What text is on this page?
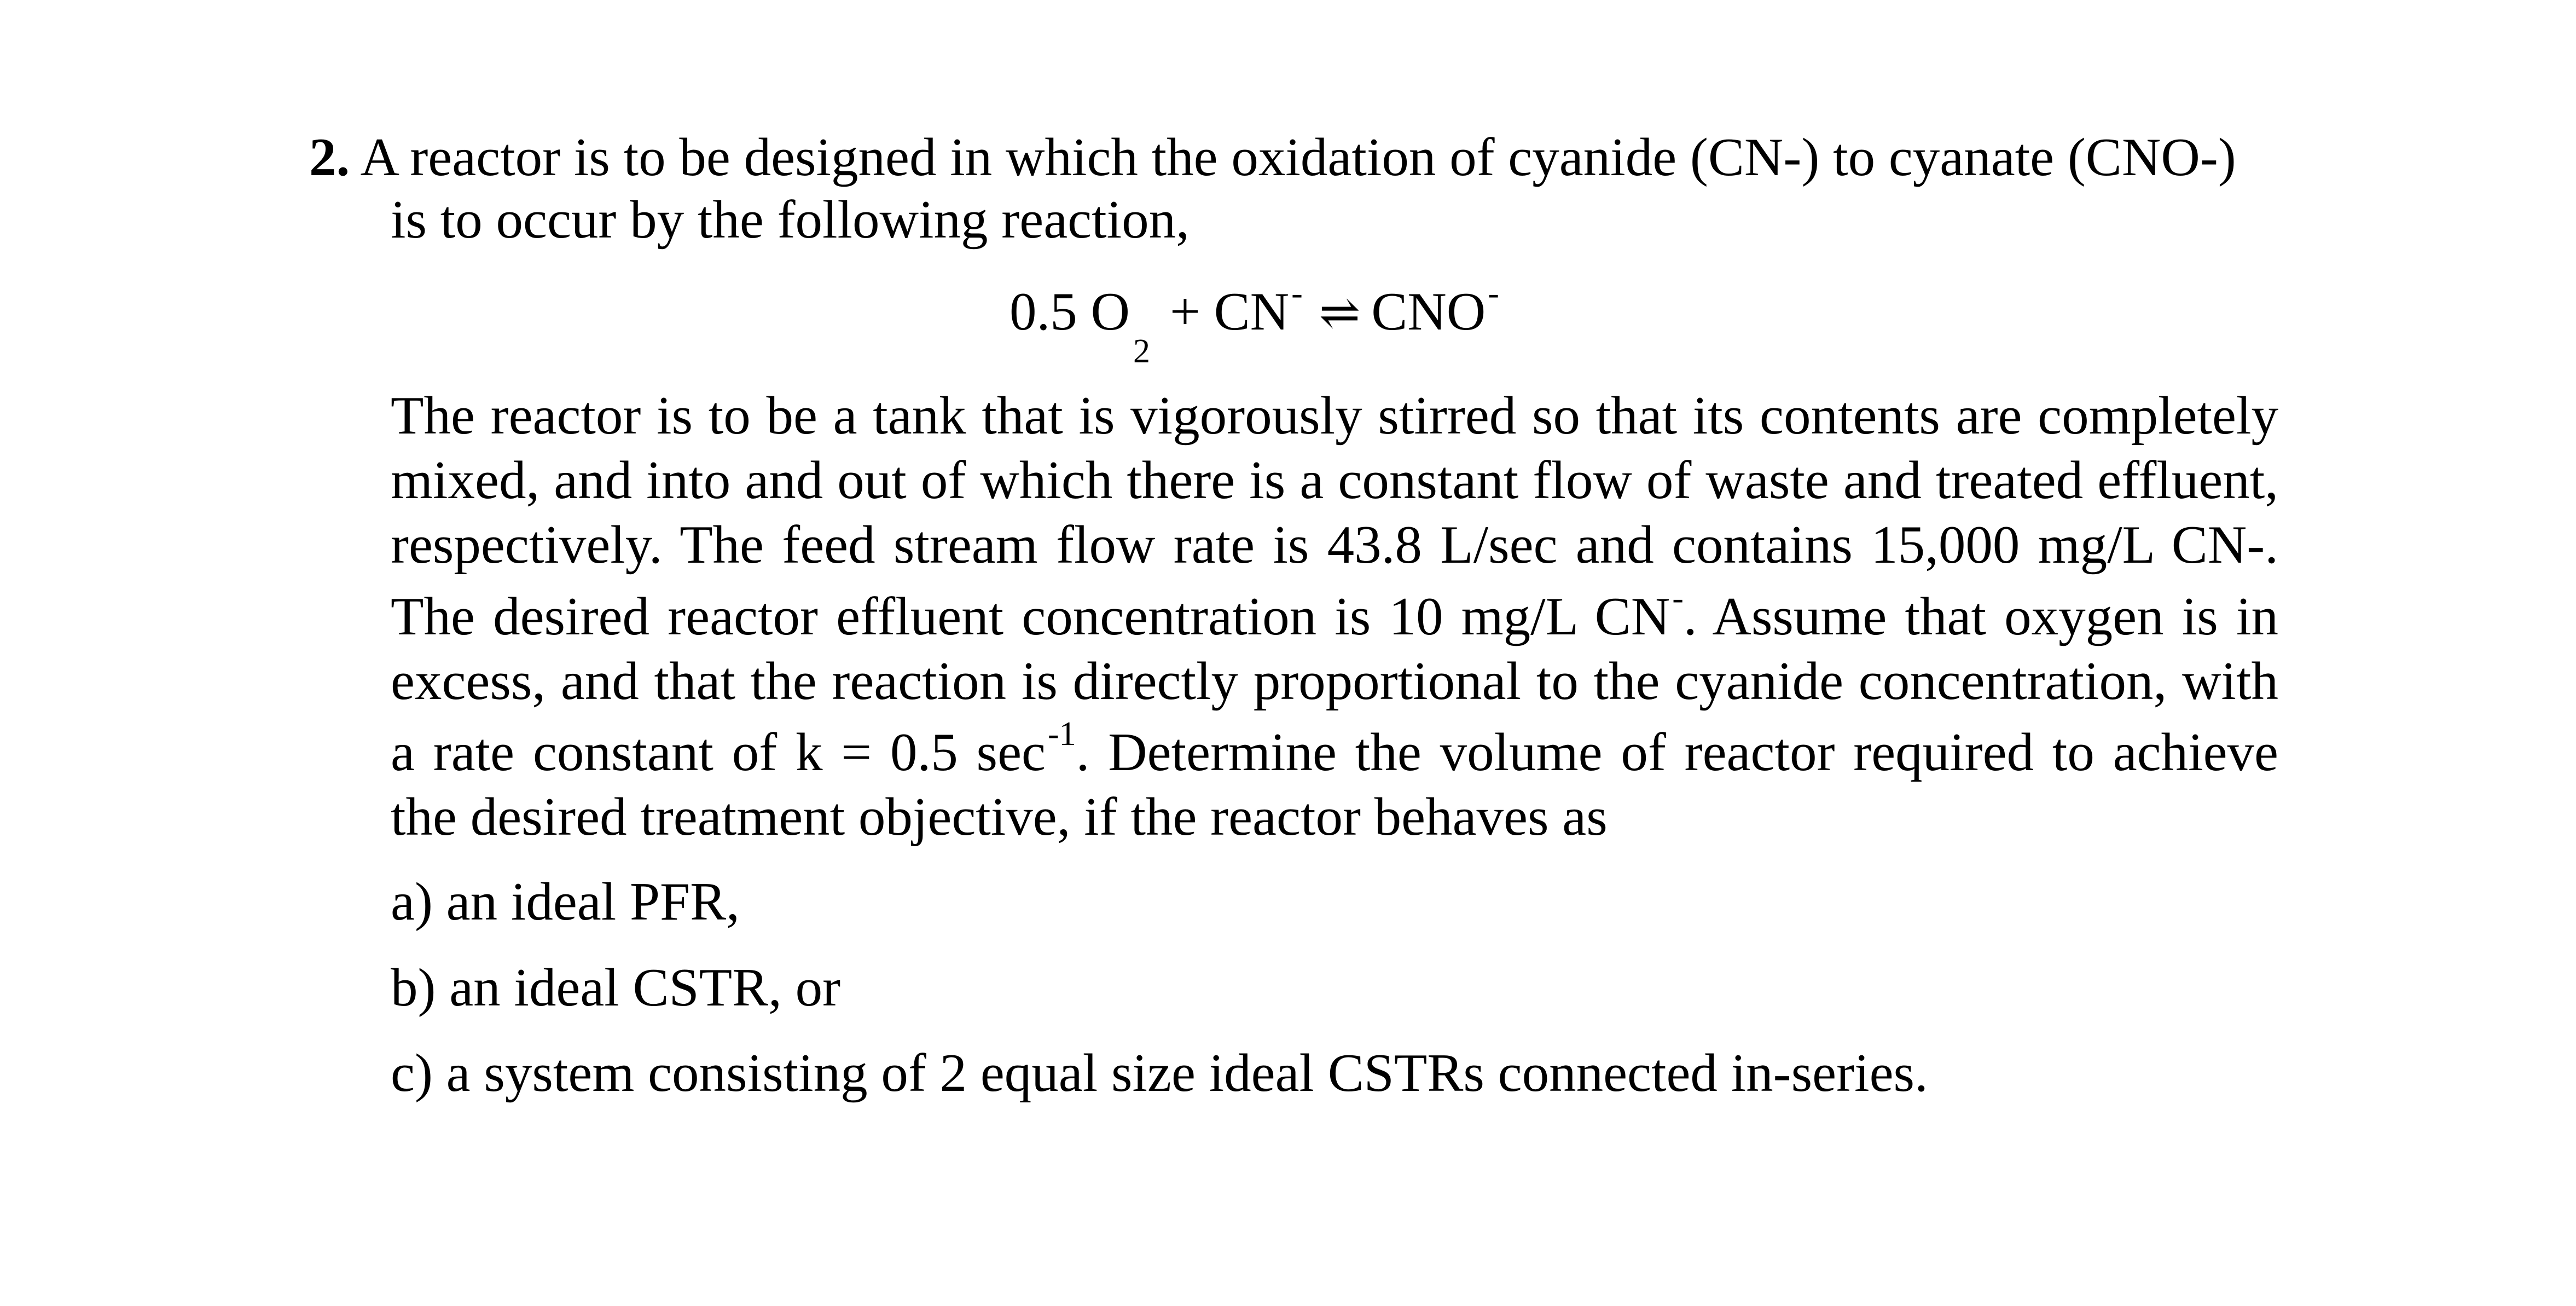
2. A reactor is to be designed in which the oxidation of cyanide (CN-) to cyanate (CNO-)
is to occur by the following reaction,
0.5 $O_2+ CN^-$ ⇌ CNO-
The reactor is to be a tank that is vigorously stirred so that its contents are completely
mixed, and into and out of which there is a constant flow of waste and treated effluent,
respectively. The feed stream flow rate is 43.8 L/sec and contains 15,000 mg/L CN-.
The desired reactor effluent concentration is 10 mg/L CN-. Assume that oxygen is in
excess, and that the reaction is directly proportional to the cyanide concentration, with
a rate constant of k = 0.5 $\sec^{-1}$. Determine the volume of reactor required to achieve
the desired treatment objective, if the reactor behaves as
a) an ideal PFR,
b) an ideal CSTR, or
c) a system consisting of 2 equal size ideal CSTRs connected in-series.
